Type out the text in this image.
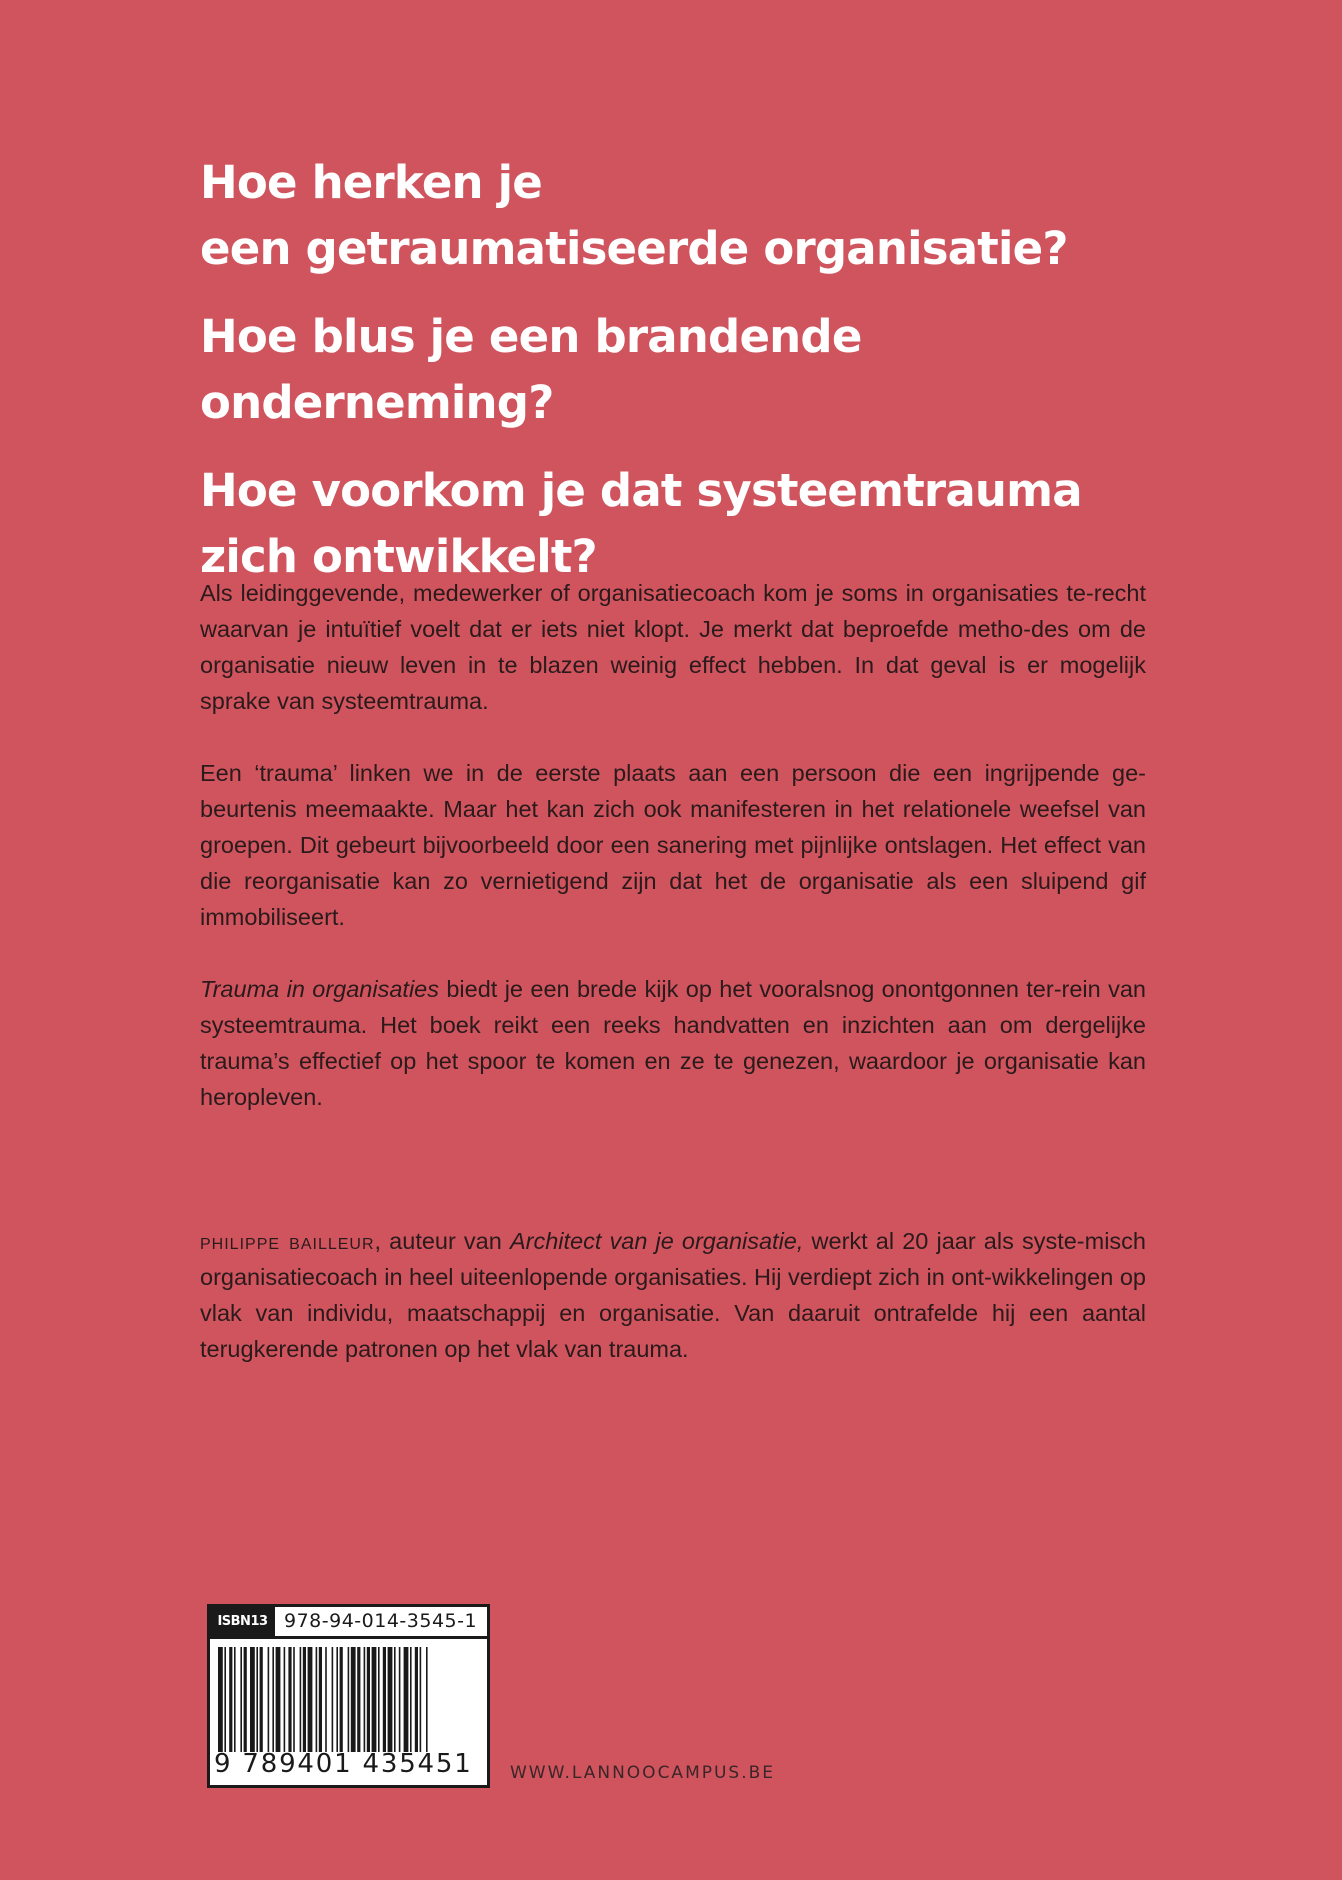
Hoe herken je
een getraumatiseerde organisatie?
Hoe blus je een brandende onderneming?
Hoe voorkom je dat systeemtrauma
zich ontwikkelt?

Als leidinggevende, medewerker of organisatiecoach kom je soms in organisaties te-recht waarvan je intuïtief voelt dat er iets niet klopt. Je merkt dat beproefde metho-des om de organisatie nieuw leven in te blazen weinig effect hebben. In dat geval is er mogelijk sprake van systeemtrauma.

Een ‘trauma’ linken we in de eerste plaats aan een persoon die een ingrijpende ge-beurtenis meemaakte. Maar het kan zich ook manifesteren in het relationele weefsel van groepen. Dit gebeurt bijvoorbeeld door een sanering met pijnlijke ontslagen. Het effect van die reorganisatie kan zo vernietigend zijn dat het de organisatie als een sluipend gif immobiliseert.

Trauma in organisaties biedt je een brede kijk op het vooralsnog onontgonnen ter-rein van systeemtrauma. Het boek reikt een reeks handvatten en inzichten aan om dergelijke trauma’s effectief op het spoor te komen en ze te genezen, waardoor je organisatie kan heropleven.

philippe bailleur, auteur van Architect van je organisatie, werkt al 20 jaar als syste-misch organisatiecoach in heel uiteenlopende organisaties. Hij verdiept zich in ont-wikkelingen op vlak van individu, maatschappij en organisatie. Van daaruit ontrafelde hij een aantal terugkerende patronen op het vlak van trauma.

ISBN13 978-94-014-3545-1
9 789401 435451	WWW.LANNOOCAMPUS.BE
